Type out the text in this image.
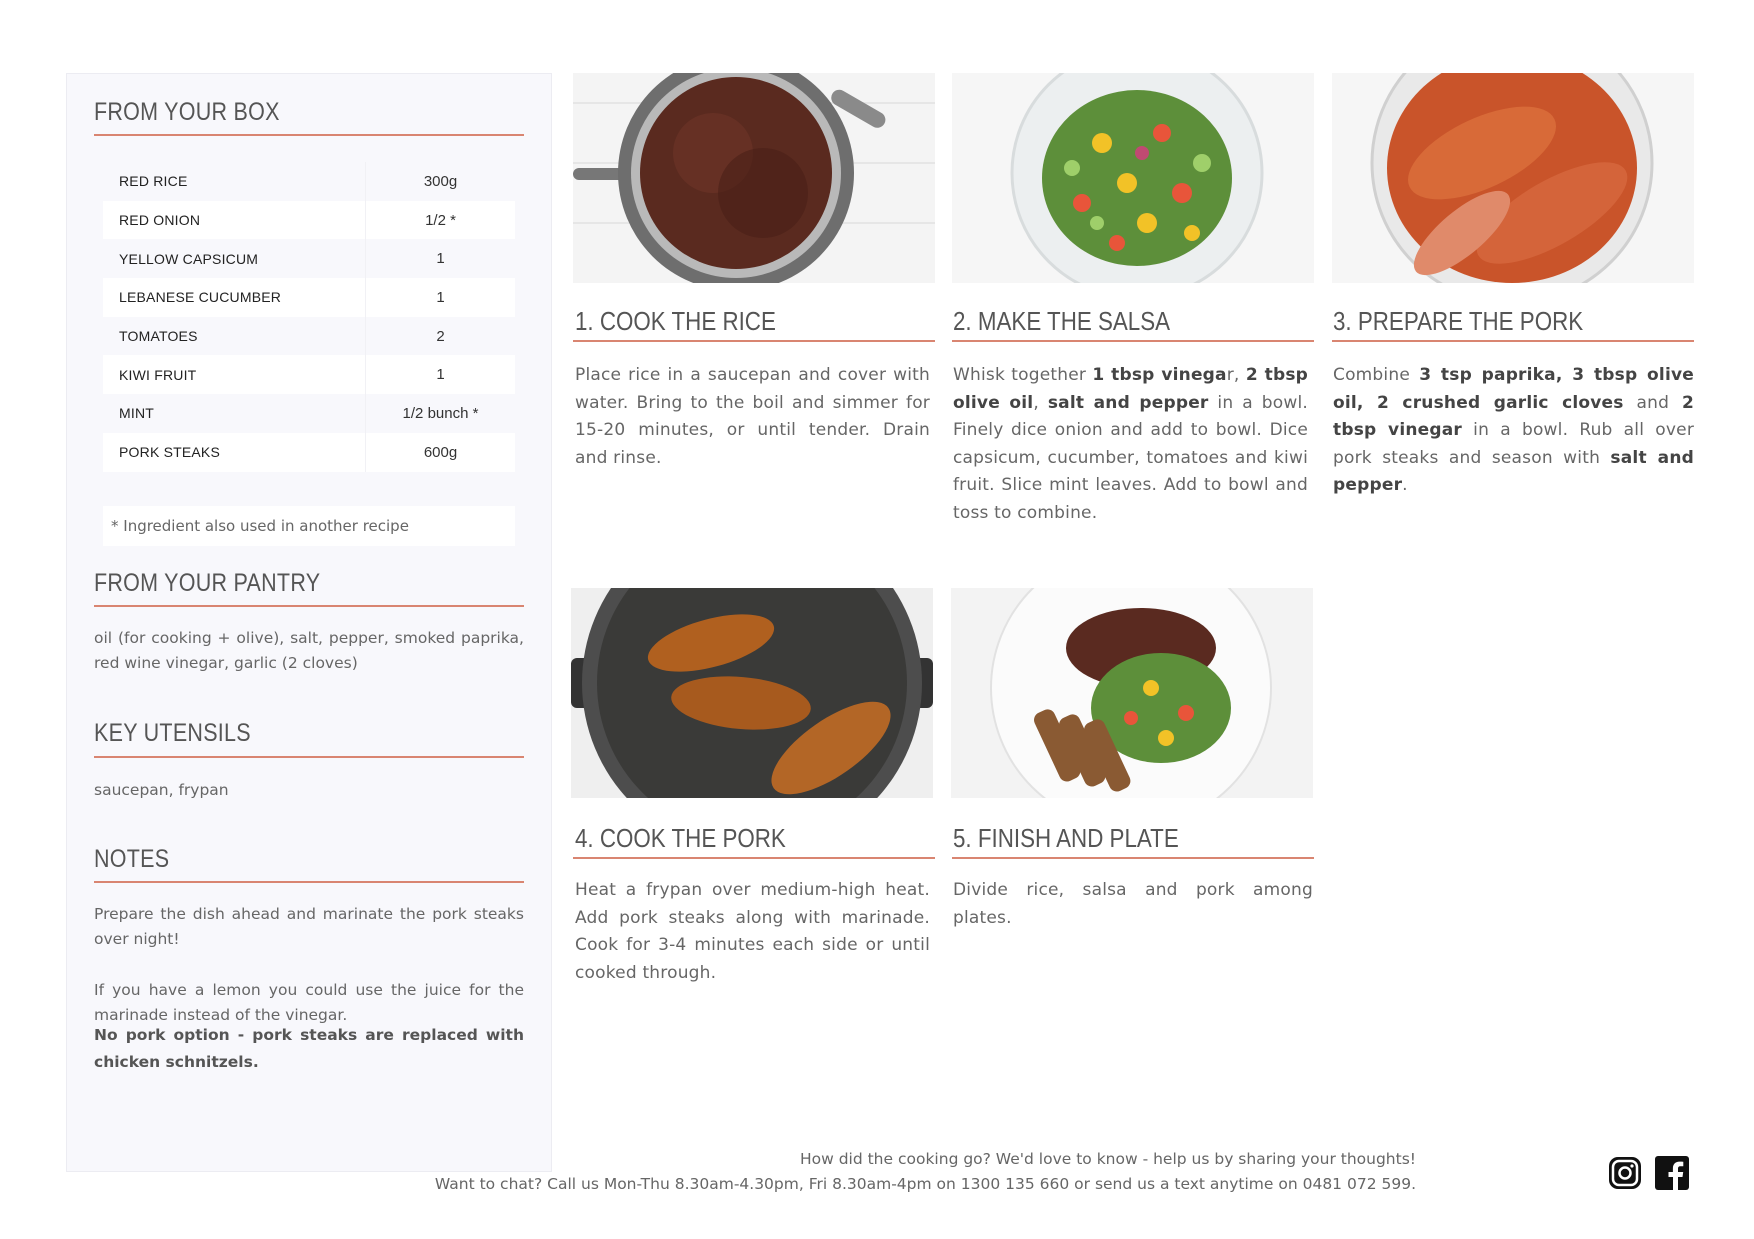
FROM YOUR BOX
RED RICE	300g
RED ONION	1/2 *
YELLOW CAPSICUM	1
LEBANESE CUCUMBER	1
TOMATOES	2
KIWI FRUIT	1
MINT	1/2 bunch *
PORK STEAKS	600g
* Ingredient also used in another recipe
FROM YOUR PANTRY
oil (for cooking + olive), salt, pepper, smoked paprika, red wine vinegar, garlic (2 cloves)
KEY UTENSILS
saucepan, frypan
NOTES
Prepare the dish ahead and marinate the pork steaks over night!
If you have a lemon you could use the juice for the marinade instead of the vinegar.
No pork option - pork steaks are replaced with chicken schnitzels.
1. COOK THE RICE
Place rice in a saucepan and cover with water. Bring to the boil and simmer for 15-20 minutes, or until tender. Drain and rinse.
2. MAKE THE SALSA
Whisk together 1 tbsp vinegar, 2 tbsp olive oil, salt and pepper in a bowl. Finely dice onion and add to bowl. Dice capsicum, cucumber, tomatoes and kiwi fruit. Slice mint leaves. Add to bowl and toss to combine.
3. PREPARE THE PORK
Combine 3 tsp paprika, 3 tbsp olive oil, 2 crushed garlic cloves and 2 tbsp vinegar in a bowl. Rub all over pork steaks and season with salt and pepper.
4. COOK THE PORK
Heat a frypan over medium-high heat. Add pork steaks along with marinade. Cook for 3-4 minutes each side or until cooked through.
5. FINISH AND PLATE
Divide rice, salsa and pork among plates.
How did the cooking go? We'd love to know - help us by sharing your thoughts!
Want to chat? Call us Mon-Thu 8.30am-4.30pm, Fri 8.30am-4pm on 1300 135 660 or send us a text anytime on 0481 072 599.
